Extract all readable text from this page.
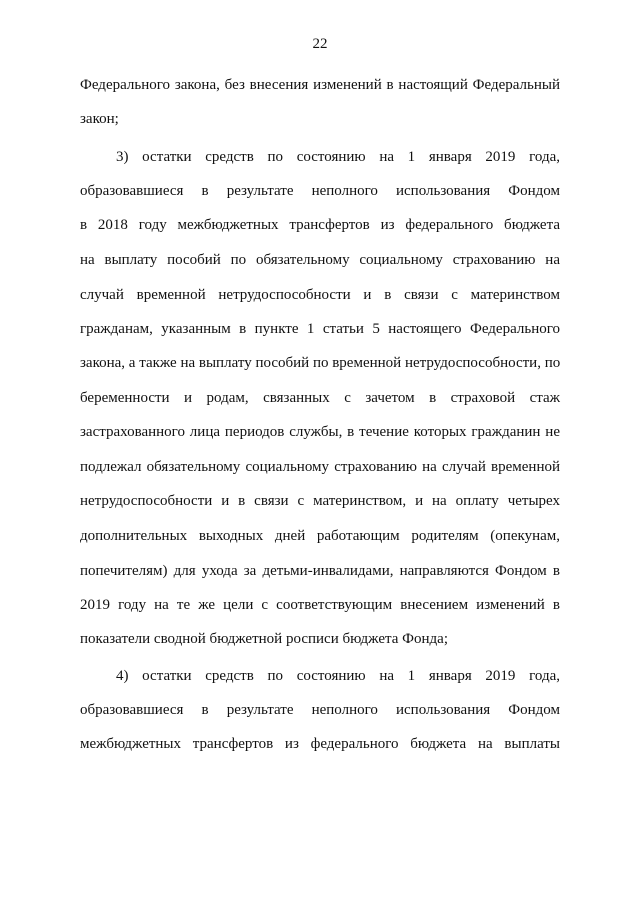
22
Федерального закона, без внесения изменений в настоящий Федеральный
закон;
3) остатки средств по состоянию на 1 января 2019 года,
образовавшиеся в результате неполного использования Фондом
в 2018 году межбюджетных трансфертов из федерального бюджета
на выплату пособий по обязательному социальному страхованию на
случай временной нетрудоспособности и в связи с материнством
гражданам, указанным в пункте 1 статьи 5 настоящего Федерального
закона, а также на выплату пособий по временной нетрудоспособности, по
беременности и родам, связанных с зачетом в страховой стаж
застрахованного лица периодов службы, в течение которых гражданин не
подлежал обязательному социальному страхованию на случай временной
нетрудоспособности и в связи с материнством, и на оплату четырех
дополнительных выходных дней работающим родителям (опекунам,
попечителям) для ухода за детьми-инвалидами, направляются Фондом в
2019 году на те же цели с соответствующим внесением изменений в
показатели сводной бюджетной росписи бюджета Фонда;
4) остатки средств по состоянию на 1 января 2019 года,
образовавшиеся в результате неполного использования Фондом
межбюджетных трансфертов из федерального бюджета на выплаты
